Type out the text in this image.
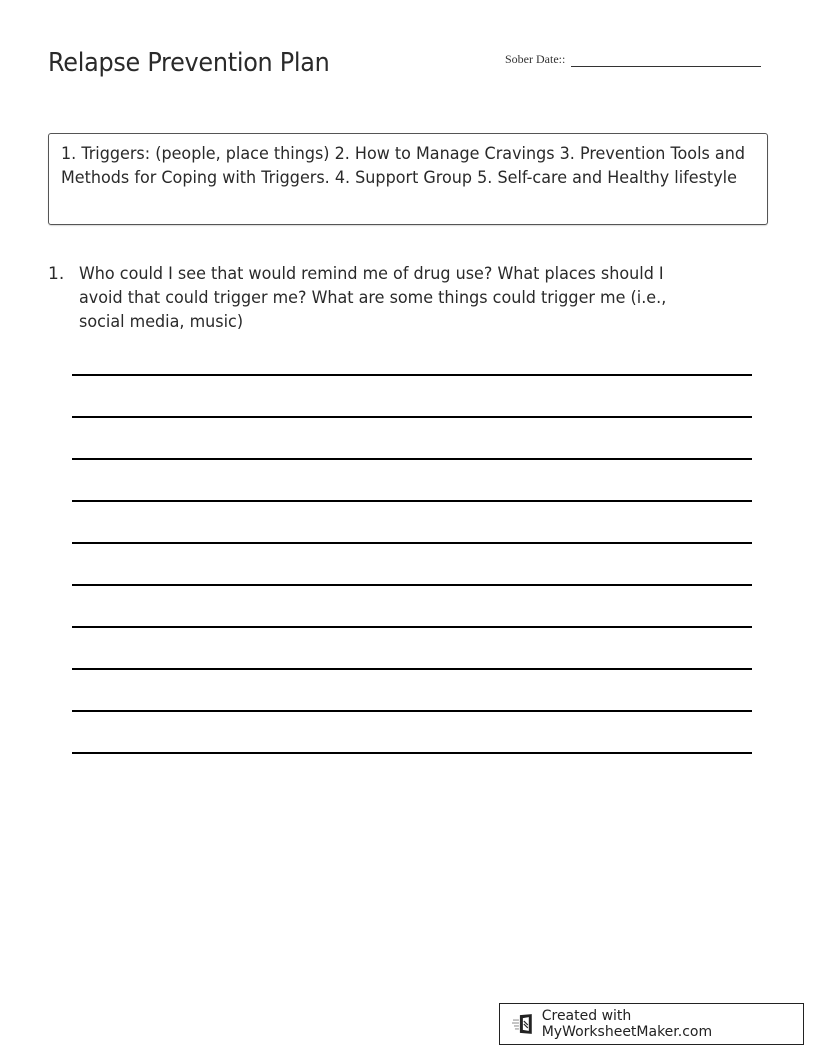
Relapse Prevention Plan	Sober Date::
1. Triggers: (people, place things) 2. How to Manage Cravings 3. Prevention Tools and Methods for Coping with Triggers. 4. Support Group 5. Self-care and Healthy lifestyle
1. Who could I see that would remind me of drug use? What places should I avoid that could trigger me? What are some things could trigger me (i.e., social media, music)
Created with MyWorksheetMaker.com
